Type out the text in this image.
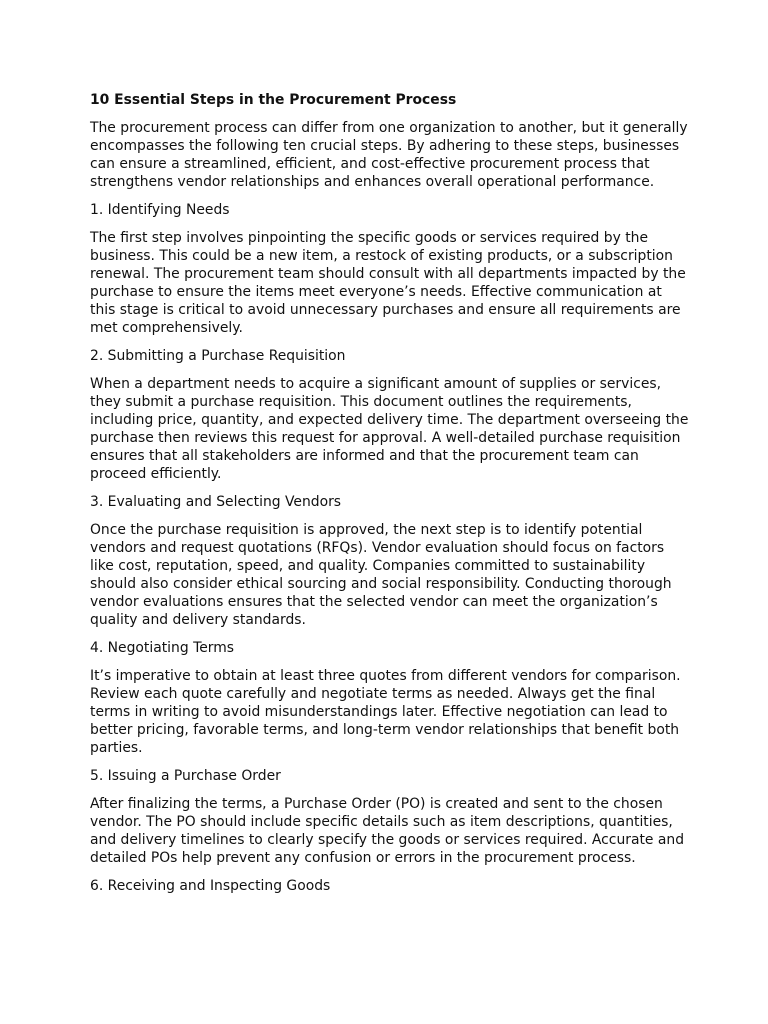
10 Essential Steps in the Procurement Process
The procurement process can differ from one organization to another, but it generally encompasses the following ten crucial steps. By adhering to these steps, businesses can ensure a streamlined, efficient, and cost-effective procurement process that strengthens vendor relationships and enhances overall operational performance.
1. Identifying Needs
The first step involves pinpointing the specific goods or services required by the business. This could be a new item, a restock of existing products, or a subscription renewal. The procurement team should consult with all departments impacted by the purchase to ensure the items meet everyone’s needs. Effective communication at this stage is critical to avoid unnecessary purchases and ensure all requirements are met comprehensively.
2. Submitting a Purchase Requisition
When a department needs to acquire a significant amount of supplies or services, they submit a purchase requisition. This document outlines the requirements, including price, quantity, and expected delivery time. The department overseeing the purchase then reviews this request for approval. A well-detailed purchase requisition ensures that all stakeholders are informed and that the procurement team can proceed efficiently.
3. Evaluating and Selecting Vendors
Once the purchase requisition is approved, the next step is to identify potential vendors and request quotations (RFQs). Vendor evaluation should focus on factors like cost, reputation, speed, and quality. Companies committed to sustainability should also consider ethical sourcing and social responsibility. Conducting thorough vendor evaluations ensures that the selected vendor can meet the organization’s quality and delivery standards.
4. Negotiating Terms
It’s imperative to obtain at least three quotes from different vendors for comparison. Review each quote carefully and negotiate terms as needed. Always get the final terms in writing to avoid misunderstandings later. Effective negotiation can lead to better pricing, favorable terms, and long-term vendor relationships that benefit both parties.
5. Issuing a Purchase Order
After finalizing the terms, a Purchase Order (PO) is created and sent to the chosen vendor. The PO should include specific details such as item descriptions, quantities, and delivery timelines to clearly specify the goods or services required. Accurate and detailed POs help prevent any confusion or errors in the procurement process.
6. Receiving and Inspecting Goods
